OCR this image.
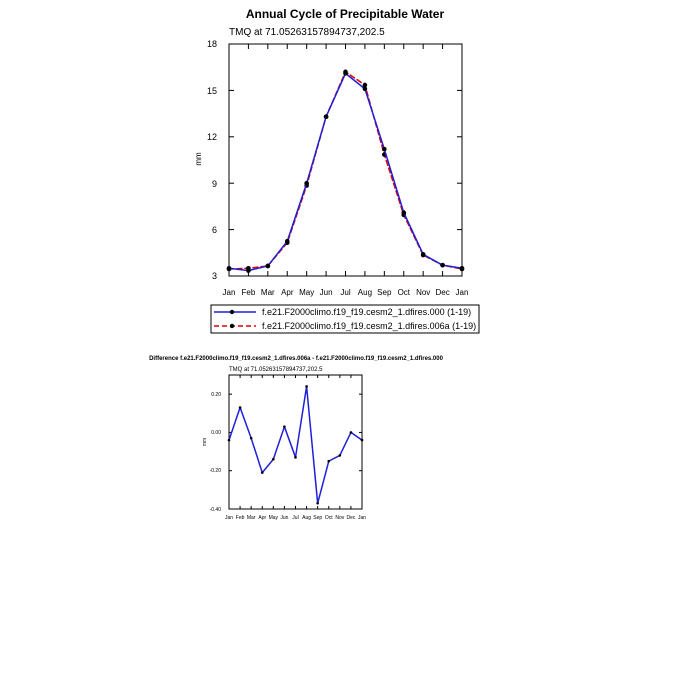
Annual Cycle of Precipitable Water
TMQ at 71.05263157894737,202.5
mm
3
6
9
12
15
18
Jan Feb Mar Apr May Jun Jul Aug Sep Oct Nov Dec Jan
f.e21.F2000climo.f19_f19.cesm2_1.dfires.000 (1-19)
f.e21.F2000climo.f19_f19.cesm2_1.dfires.006a (1-19)
Difference f.e21.F2000climo.f19_f19.cesm2_1.dfires.006a - f.e21.F2000climo.f19_f19.cesm2_1.dfires.000
TMQ at 71.05263157894737,202.5
mm
-0.40
-0.20
0.00
0.20
Jan Feb Mar Apr May Jun Jul Aug Sep Oct Nov Dec Jan
